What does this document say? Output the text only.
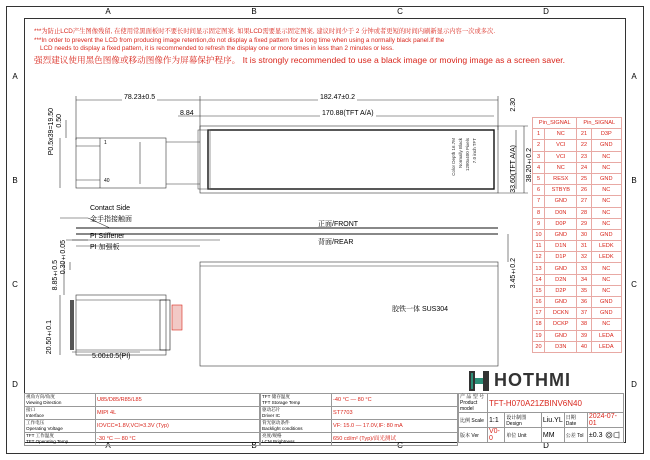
A	B	C	D
A	B	C	D
A
B
C
D
A
B
C
D
***为防止LCD产生图像残留, 在使用常黑面板时不要长时间显示固定图案. 如果LCD需要显示固定图案, 建议时间少于 2 分钟或者更短的时间内刷新显示内容一次或多次.
***In order to prevent the LCD from producing image retention,do not display a fixed pattern for a long time when using a normally black panel.If the
LCD needs to display a fixed pattern, it is recommended to refresh the display one or more times in less than 2 minutes or less.
强烈建议使用黑色图像或移动图像作为屏幕保护程序。 It is strongly recommended to use a black image or moving image as a screen saver.
78.23±0.5	182.47±0.2
8.84	170.88(TFT A/A)
P0.5x39=19.50 0.50
2.30
33.60(TFT A/A) 38.20±0.2
8.85±0.5
0.30±0.05	3.45±0.2
20.50±0.1
5.00±0.5(PI)
1
40
7.0 inch TFT
1280x400 Pixels
Normally Black
Color Depth 16.7M
正面/FRONT
背面/REAR
胶铁一体 SUS304
Contact Side
金手指接触面
PI Stiffener
PI 加强板
Pin_SIGNAL		Pin_SIGNAL	
1	NC	21	D3P
2	VCI	22	GND
3	VCI	23	NC
4	NC	24	NC
5	RESX	25	GND
6	STBYB	26	NC
7	GND	27	NC
8	D0N	28	NC
9	D0P	29	NC
10	GND	30	GND
11	D1N	31	LEDK
12	D1P	32	LEDK
13	GND	33	NC
14	D2N	34	NC
15	D2P	35	NC
16	GND	36	GND
17	DCKN	37	GND
18	DCKP	38	NC
19	GND	39	LEDA
20	D3N	40	LEDA
HOTHMI
视角方向/角度
Viewing Direction	U85/D85/R85/L85
接口
Interface	MIPI 4L
工作电压
Operating Voltage	IOVCC=1.8V,VCI=3.3V (Typ)
TFT 工作温度
TFT Operating Temp	-30 °C — 80 °C
TFT 储存温度
TFT Storage Temp	-40 °C — 80 °C
驱动芯片
Driver IC	ST7703
背光驱动条件
Backlight conditions	VF: 15.0 — 17.0V,IF: 80 mA
亮度/规格
LCM Brightness	650 cd/m² (Typ)/面光测试
产 品 型 号
Product model	TFT-H070A21ZBINV6N40				
比例 Scale	1:1	设计制图 Design	Liu.YL	日期 Date	2024-07-01
版本 Ver	V0-0	单位 Unit	MM	公差 Tol	±0.3
